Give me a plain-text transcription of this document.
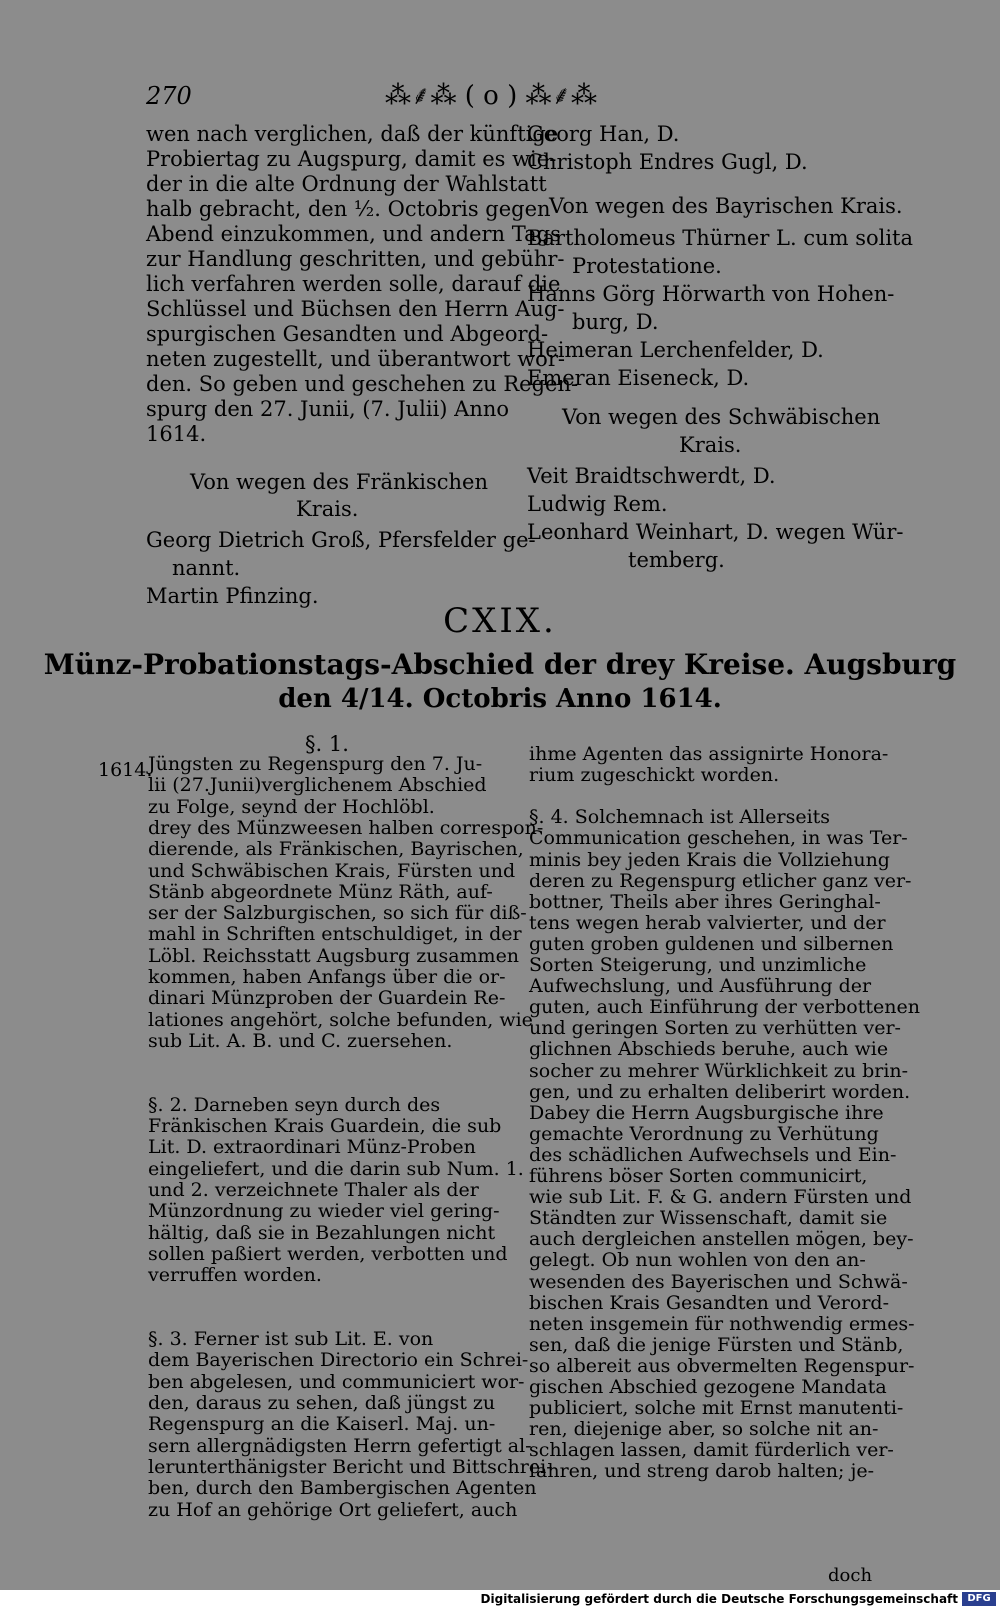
270	⁂⸙⁂ ( o ) ⁂⸙⁂
wen nach verglichen, daß der künftige
Probiertag zu Augspurg, damit es wie-
der in die alte Ordnung der Wahlstatt
halb gebracht, den ½. Octobris gegen
Abend einzukommen, und andern Tags
zur Handlung geschritten, und gebühr-
lich verfahren werden solle, darauf die
Schlüssel und Büchsen den Herrn Aug-
spurgischen Gesandten und Abgeord-
neten zugestellt, und überantwort wor-
den. So geben und geschehen zu Regen-
spurg den 27. Junii, (7. Julii) Anno
1614.
Von wegen des Fränkischen
Krais.
Georg Dietrich Groß, Pfersfelder ge-
nannt.
Martin Pfinzing.
Georg Han, D.
Christoph Endres Gugl, D.
Von wegen des Bayrischen Krais.
Bartholomeus Thürner L. cum solita
Protestatione.
Hanns Görg Hörwarth von Hohen-
burg, D.
Heimeran Lerchenfelder, D.
Emeran Eiseneck, D.
Von wegen des Schwäbischen
Krais.
Veit Braidtschwerdt, D.
Ludwig Rem.
Leonhard Weinhart, D. wegen Wür-
temberg.
CXIX.
Münz-Probationstags-Abschied der drey Kreise. Augsburg
den 4/14. Octobris Anno 1614.
§. 1.
1614.
Jüngsten zu Regenspurg den 7. Ju-
lii (27.Junii)verglichenem Abschied
zu Folge, seynd der Hochlöbl.
drey des Münzweesen halben correspon-
dierende, als Fränkischen, Bayrischen,
und Schwäbischen Krais, Fürsten und
Stänb abgeordnete Münz Räth, auf-
ser der Salzburgischen, so sich für diß-
mahl in Schriften entschuldiget, in der
Löbl. Reichsstatt Augsburg zusammen
kommen, haben Anfangs über die or-
dinari Münzproben der Guardein Re-
lationes angehört, solche befunden, wie
sub Lit. A. B. und C. zuersehen.
§. 2. Darneben seyn durch des
Fränkischen Krais Guardein, die sub
Lit. D. extraordinari Münz-Proben
eingeliefert, und die darin sub Num. 1.
und 2. verzeichnete Thaler als der
Münzordnung zu wieder viel gering-
hältig, daß sie in Bezahlungen nicht
sollen paßiert werden, verbotten und
verruffen worden.
§. 3. Ferner ist sub Lit. E. von
dem Bayerischen Directorio ein Schrei-
ben abgelesen, und communiciert wor-
den, daraus zu sehen, daß jüngst zu
Regenspurg an die Kaiserl. Maj. un-
sern allergnädigsten Herrn gefertigt al-
lerunterthänigster Bericht und Bittschrei-
ben, durch den Bambergischen Agenten
zu Hof an gehörige Ort geliefert, auch
ihme Agenten das assignirte Honora-
rium zugeschickt worden.
§. 4. Solchemnach ist Allerseits
Communication geschehen, in was Ter-
minis bey jeden Krais die Vollziehung
deren zu Regenspurg etlicher ganz ver-
bottner, Theils aber ihres Geringhal-
tens wegen herab valvierter, und der
guten groben guldenen und silbernen
Sorten Steigerung, und unzimliche
Aufwechslung, und Ausführung der
guten, auch Einführung der verbottenen
und geringen Sorten zu verhütten ver-
glichnen Abschieds beruhe, auch wie
socher zu mehrer Würklichkeit zu brin-
gen, und zu erhalten deliberirt worden.
Dabey die Herrn Augsburgische ihre
gemachte Verordnung zu Verhütung
des schädlichen Aufwechsels und Ein-
führens böser Sorten communicirt,
wie sub Lit. F. & G. andern Fürsten und
Ständten zur Wissenschaft, damit sie
auch dergleichen anstellen mögen, bey-
gelegt. Ob nun wohlen von den an-
wesenden des Bayerischen und Schwä-
bischen Krais Gesandten und Verord-
neten insgemein für nothwendig ermes-
sen, daß die jenige Fürsten und Stänb,
so albereit aus obvermelten Regenspur-
gischen Abschied gezogene Mandata
publiciert, solche mit Ernst manutenti-
ren, diejenige aber, so solche nit an-
schlagen lassen, damit fürderlich ver-
fahren, und streng darob halten; je-
doch
Digitalisierung gefördert durch die Deutsche Forschungsgemeinschaft DFG
